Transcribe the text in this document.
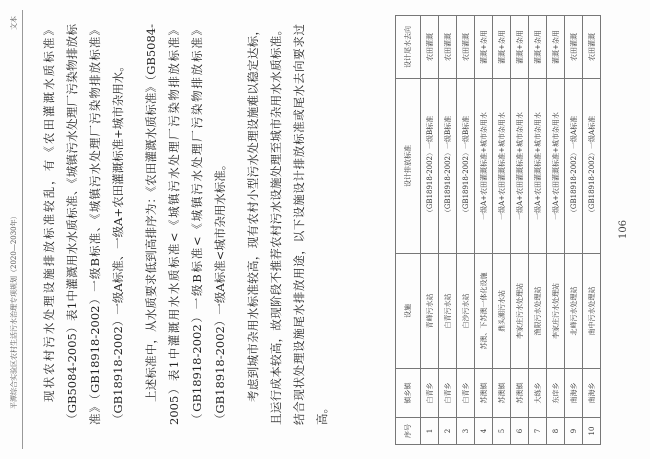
平潭综合实验区农村生活污水治理专项规划（2020—2030年）
文本

现状农村污水处理设施排放标准较乱，有《农田灌溉水质标准》（GB5084-2005）表1中灌溉用水水质标准、《城镇污水处理厂污染物排放标准》（GB18918-2002）一级B标准、《城镇污水处理厂污染物排放标准》（GB18918-2002）一级A标准、一级A+农田灌溉标准+城市杂用水。	上述标准中，从水质要求低到高排序为：《农田灌溉水质标准》（GB5084-2005）表1中灌溉用水水质标准<《城镇污水处理厂污染物排放标准》（GB18918-2002）一级B标准<《城镇污水处理厂污染物排放标准》（GB18918-2002）一级A标准<城市杂用水标准。	考虑到城市杂用水标准较高，现有农村小型污水处理设施难以稳定达标，且运行成本较高，故现阶段不推荐农村污水设施处理至城市杂用水水质标准。结合现状处理设施尾水排放用途，以下设施设计排放标准或尾水去向要求过高。

序号	镇乡镇	设施	设计排放标准	设计尾水去向
1	白青乡	青峰污水站	（GB18918-2002）一级B标准	农田灌溉
2	白青乡	白青污水站	（GB18918-2002）一级B标准	农田灌溉
3	白青乡	白沙污水站	（GB18918-2002）一级B标准	农田灌溉
4	苏澳镇	苏澳、下苏澳一体化设施	一级A+农田灌溉标准+城市杂用水	灌溉+杂用
5	苏澳镇	鼎头潮污水站	一级A+农田灌溉标准+城市杂用水	灌溉+杂用
6	苏澳镇	李家庄污水处理站	一级A+农田灌溉标准+城市杂用水	灌溉+杂用
7	大练乡	渔限污水处理站	一级A+农田灌溉标准+城市杂用水	灌溉+杂用
8	东庠乡	李家庄污水处理站	一级A+农田灌溉标准+城市杂用水	灌溉+杂用
9	南海乡	北峰污水处理站	（GB18918-2002）一级A标准	农田灌溉
10	南海乡	南中污水处理站	（GB18918-2002）一级A标准	农田灌溉
106
